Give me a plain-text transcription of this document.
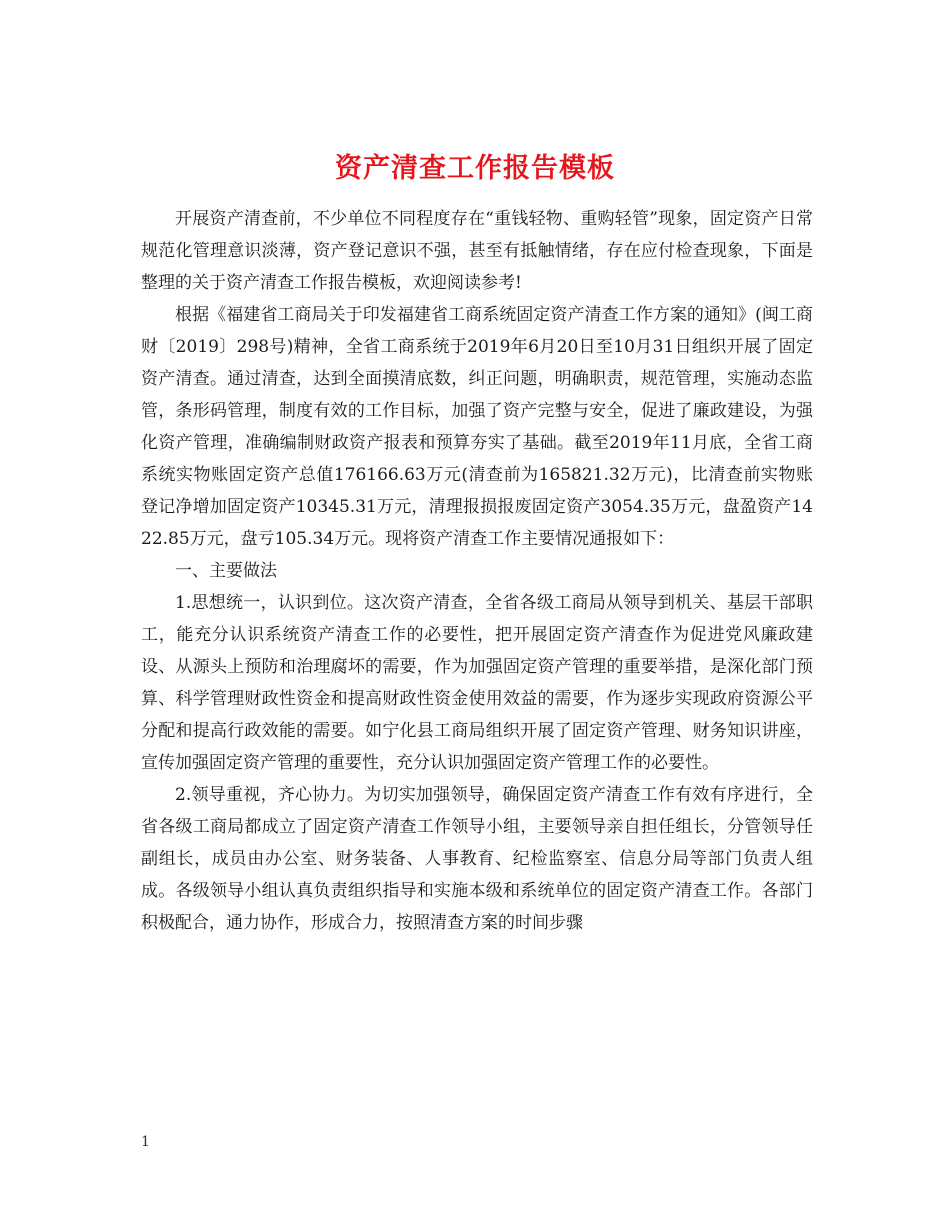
资产清查工作报告模板

开展资产清查前，不少单位不同程度存在“重钱轻物、重购轻管”现象，固定资产日常规范化管理意识淡薄，资产登记意识不强，甚至有抵触情绪，存在应付检查现象，下面是整理的关于资产清查工作报告模板，欢迎阅读参考!

根据《福建省工商局关于印发福建省工商系统固定资产清查工作方案的通知》(闽工商财〔2019〕298号)精神，全省工商系统于2019年6月20日至10月31日组织开展了固定资产清查。通过清查，达到全面摸清底数，纠正问题，明确职责，规范管理，实施动态监管，条形码管理，制度有效的工作目标，加强了资产完整与安全，促进了廉政建设，为强化资产管理，准确编制财政资产报表和预算夯实了基础。截至2019年11月底，全省工商系统实物账固定资产总值176166.63万元(清查前为165821.32万元)，比清查前实物账登记净增加固定资产10345.31万元，清理报损报废固定资产3054.35万元，盘盈资产1422.85万元，盘亏105.34万元。现将资产清查工作主要情况通报如下：

一、主要做法

1.思想统一，认识到位。这次资产清查，全省各级工商局从领导到机关、基层干部职工，能充分认识系统资产清查工作的必要性，把开展固定资产清查作为促进党风廉政建设、从源头上预防和治理腐坏的需要，作为加强固定资产管理的重要举措，是深化部门预算、科学管理财政性资金和提高财政性资金使用效益的需要，作为逐步实现政府资源公平分配和提高行政效能的需要。如宁化县工商局组织开展了固定资产管理、财务知识讲座，宣传加强固定资产管理的重要性，充分认识加强固定资产管理工作的必要性。

2.领导重视，齐心协力。为切实加强领导，确保固定资产清查工作有效有序进行，全省各级工商局都成立了固定资产清查工作领导小组，主要领导亲自担任组长，分管领导任副组长，成员由办公室、财务装备、人事教育、纪检监察室、信息分局等部门负责人组成。各级领导小组认真负责组织指导和实施本级和系统单位的固定资产清查工作。各部门积极配合，通力协作，形成合力，按照清查方案的时间步骤

1
